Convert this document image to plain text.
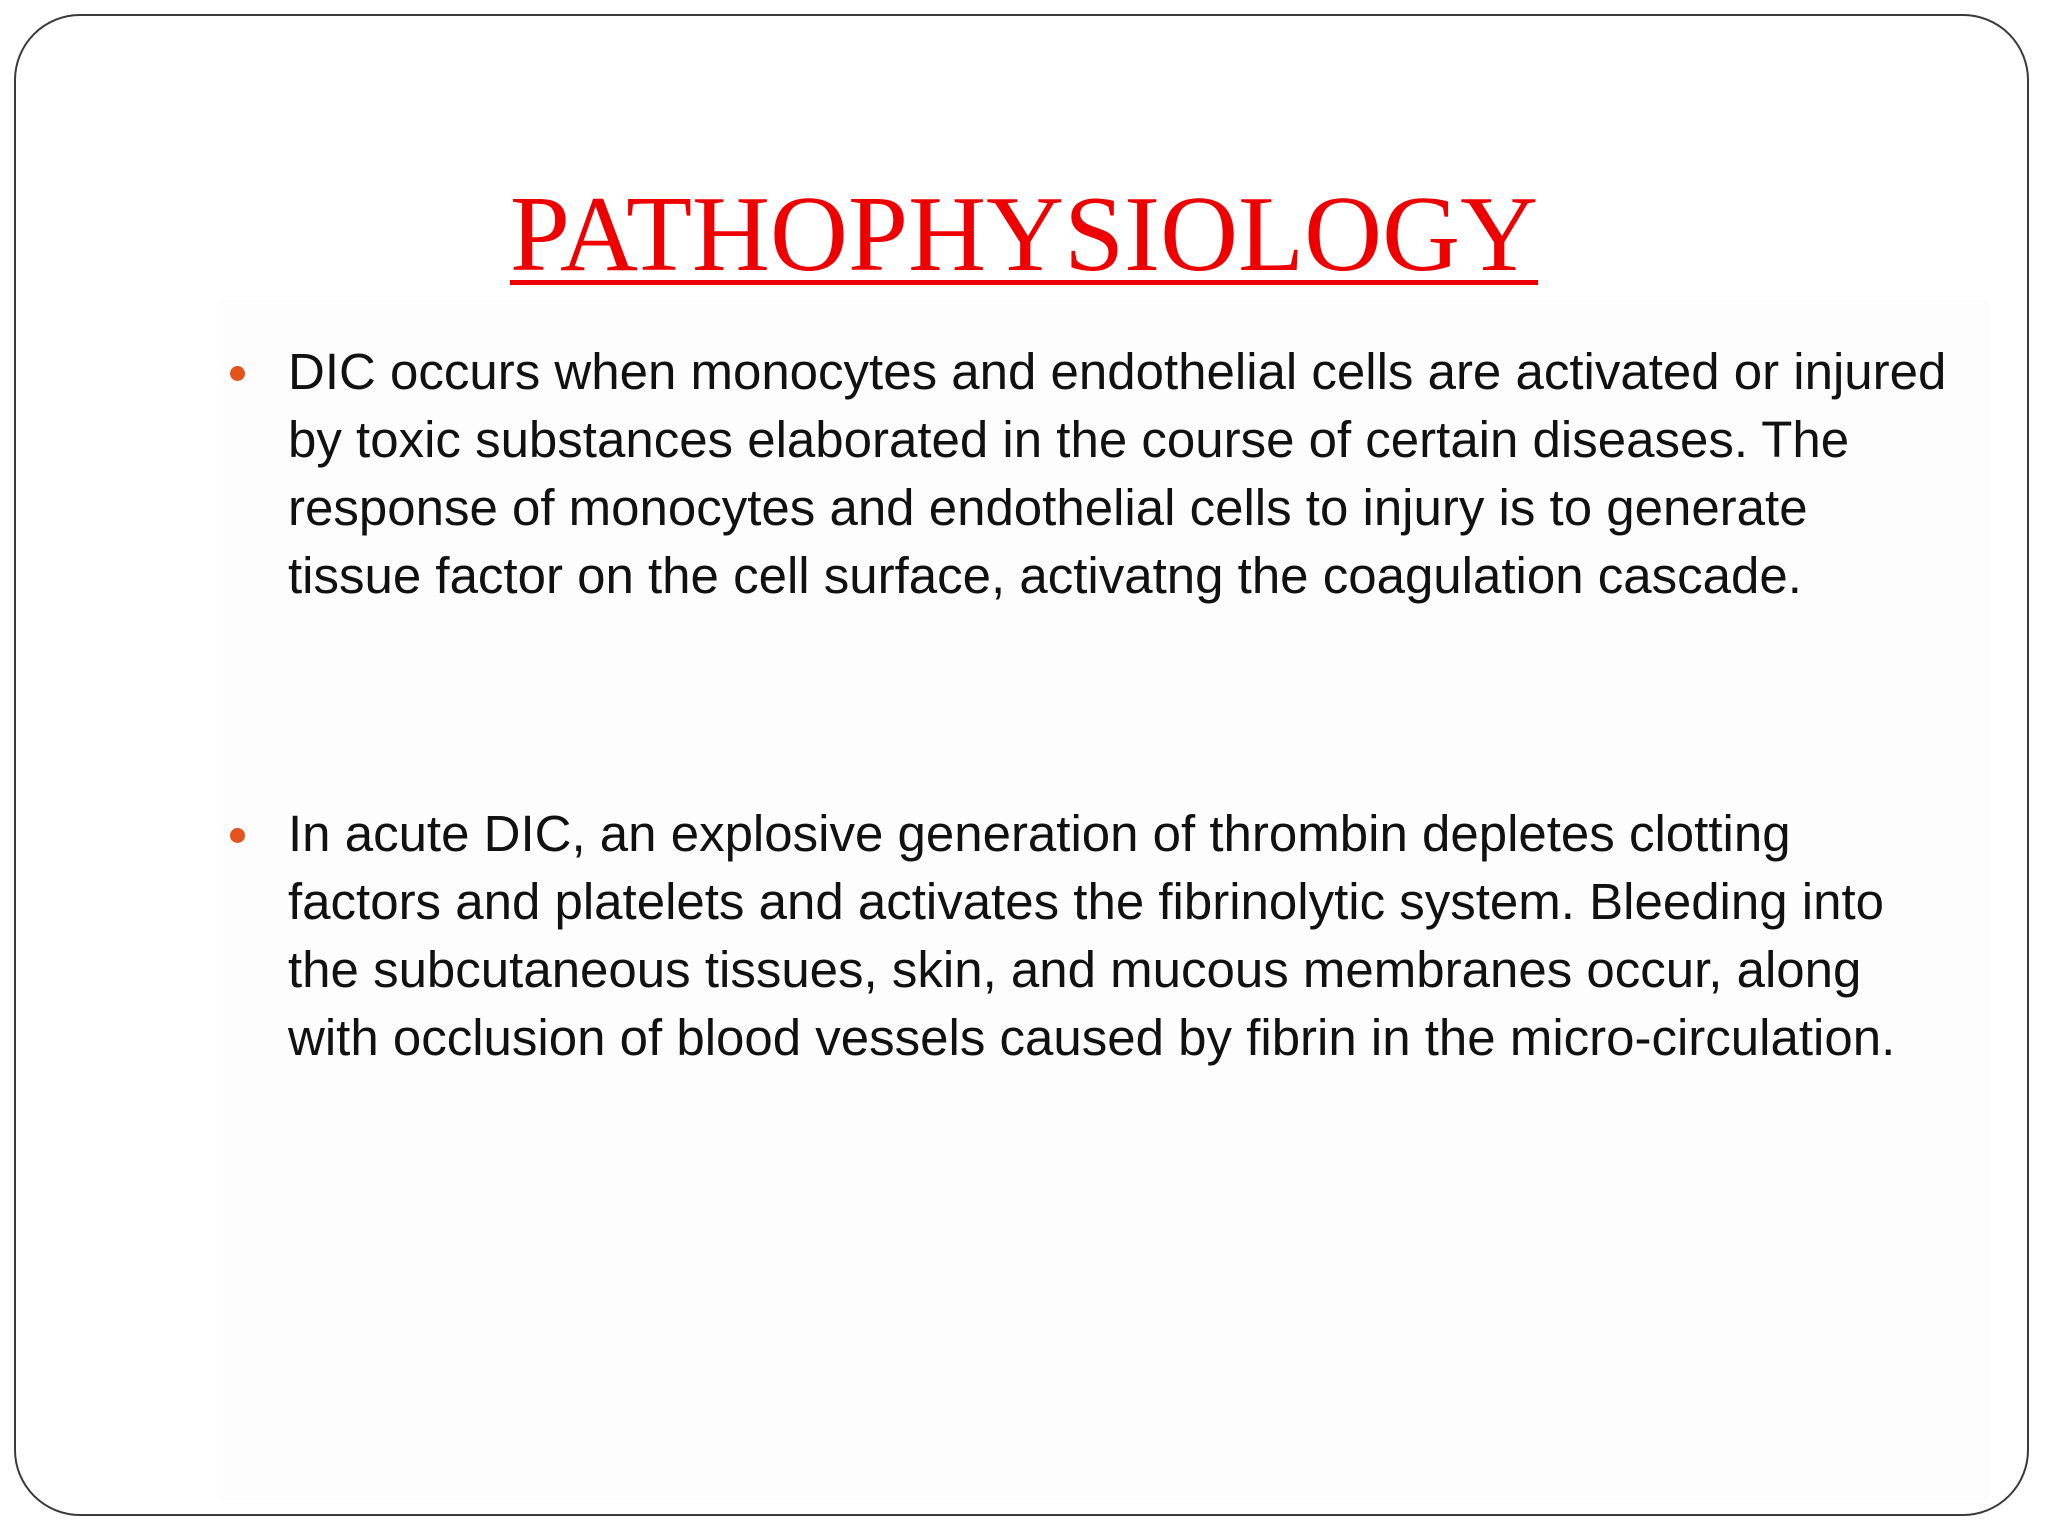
PATHOPHYSIOLOGY
DIC occurs when monocytes and endothelial cells are activated or injured by toxic substances elaborated in the course of certain diseases. The response of monocytes and endothelial cells to injury is to generate tissue factor on the cell surface, activatng the coagulation cascade.
In acute DIC, an explosive generation of thrombin depletes clotting factors and platelets and activates the fibrinolytic system. Bleeding into the subcutaneous tissues, skin, and mucous membranes occur, along with occlusion of blood vessels caused by fibrin in the micro-circulation.
